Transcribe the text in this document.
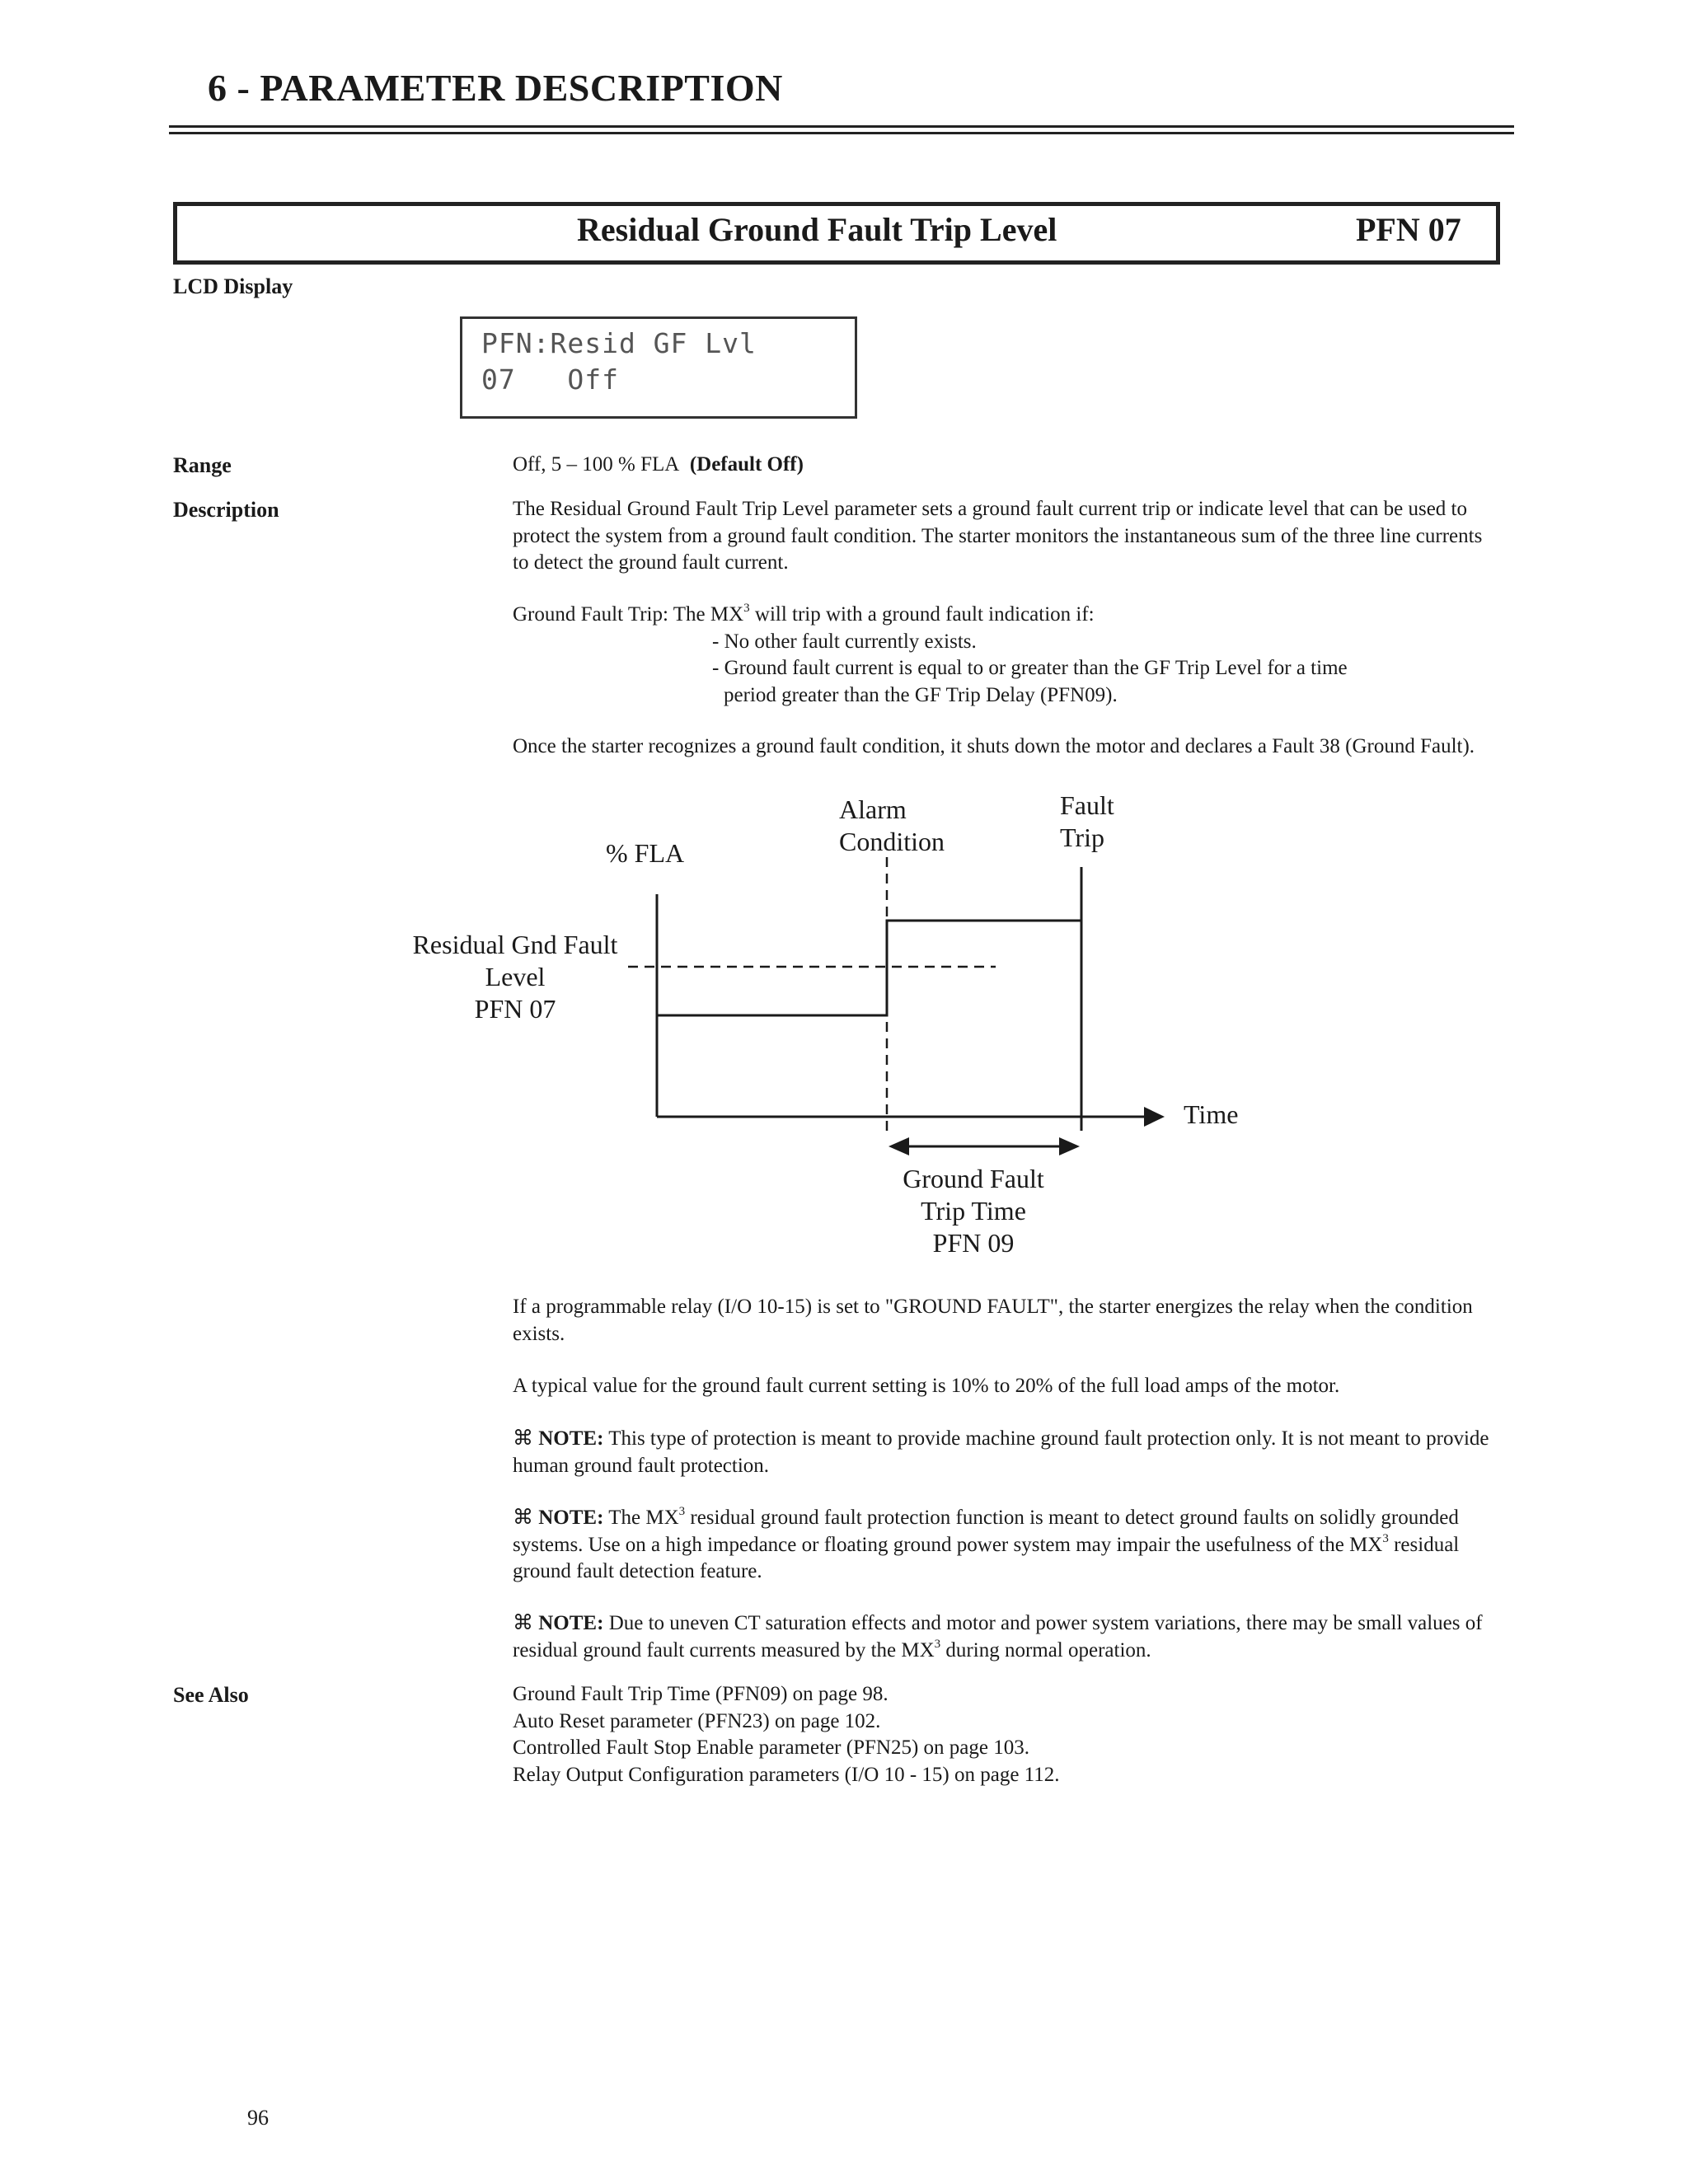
6 - PARAMETER DESCRIPTION
Residual Ground Fault Trip Level	PFN 07
LCD Display
PFN:Resid GF Lvl
07   Off
Range	Off, 5 – 100 % FLA (Default Off)
Description	The Residual Ground Fault Trip Level parameter sets a ground fault current trip or indicate level that can be used to protect the system from a ground fault condition. The starter monitors the instantaneous sum of the three line currents to detect the ground fault current.

Ground Fault Trip: The $MX^3$ will trip with a ground fault indication if:

- No other fault currently exists.

- Ground fault current is equal to or greater than the GF Trip Level for a time

period greater than the GF Trip Delay (PFN09).

Once the starter recognizes a ground fault condition, it shuts down the motor and declares a Fault 38 (Ground Fault).
Alarm
Condition
Fault
Trip
% FLA
Residual Gnd Fault
Level
PFN 07
Time
Ground Fault
Trip Time
PFN 09
If a programmable relay (I/O 10-15) is set to "GROUND FAULT", the starter energizes the relay when the condition exists.
A typical value for the ground fault current setting is 10% to 20% of the full load amps of the motor.
⌘ NOTE: This type of protection is meant to provide machine ground fault protection only. It is not meant to provide human ground fault protection.
⌘ NOTE: The $MX^3$ residual ground fault protection function is meant to detect ground faults on solidly grounded systems. Use on a high impedance or floating ground power system may impair the usefulness of the $MX^3$ residual ground fault detection feature.
⌘ NOTE: Due to uneven CT saturation effects and motor and power system variations, there may be small values of residual ground fault currents measured by the $MX^3$ during normal operation.
See Also	Ground Fault Trip Time (PFN09) on page 98.
Auto Reset parameter (PFN23) on page 102.
Controlled Fault Stop Enable parameter (PFN25) on page 103.
Relay Output Configuration parameters (I/O 10 - 15) on page 112.
96
